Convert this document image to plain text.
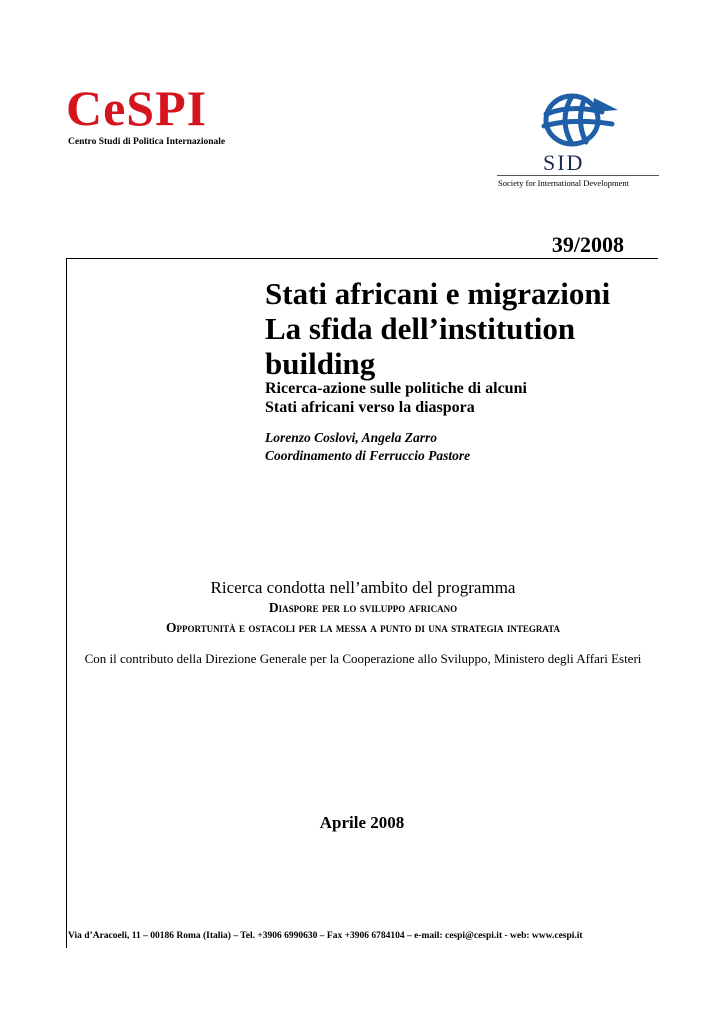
CeSPI
Centro Studi di Politica Internazionale
SID
Society for International Development
39/2008
Stati africani e migrazioni
La sfida dell’institution
building
Ricerca-azione sulle politiche di alcuni
Stati africani verso la diaspora
Lorenzo Coslovi, Angela Zarro
Coordinamento di Ferruccio Pastore
Ricerca condotta nell’ambito del programma
Diaspore per lo sviluppo africano
Opportunità e ostacoli per la messa a punto di una strategia integrata
Con il contributo della Direzione Generale per la Cooperazione allo Sviluppo, Ministero degli Affari Esteri
Aprile 2008
Via d’Aracoeli, 11 – 00186 Roma (Italia) – Tel. +3906 6990630 – Fax +3906 6784104 – e-mail: cespi@cespi.it - web: www.cespi.it
